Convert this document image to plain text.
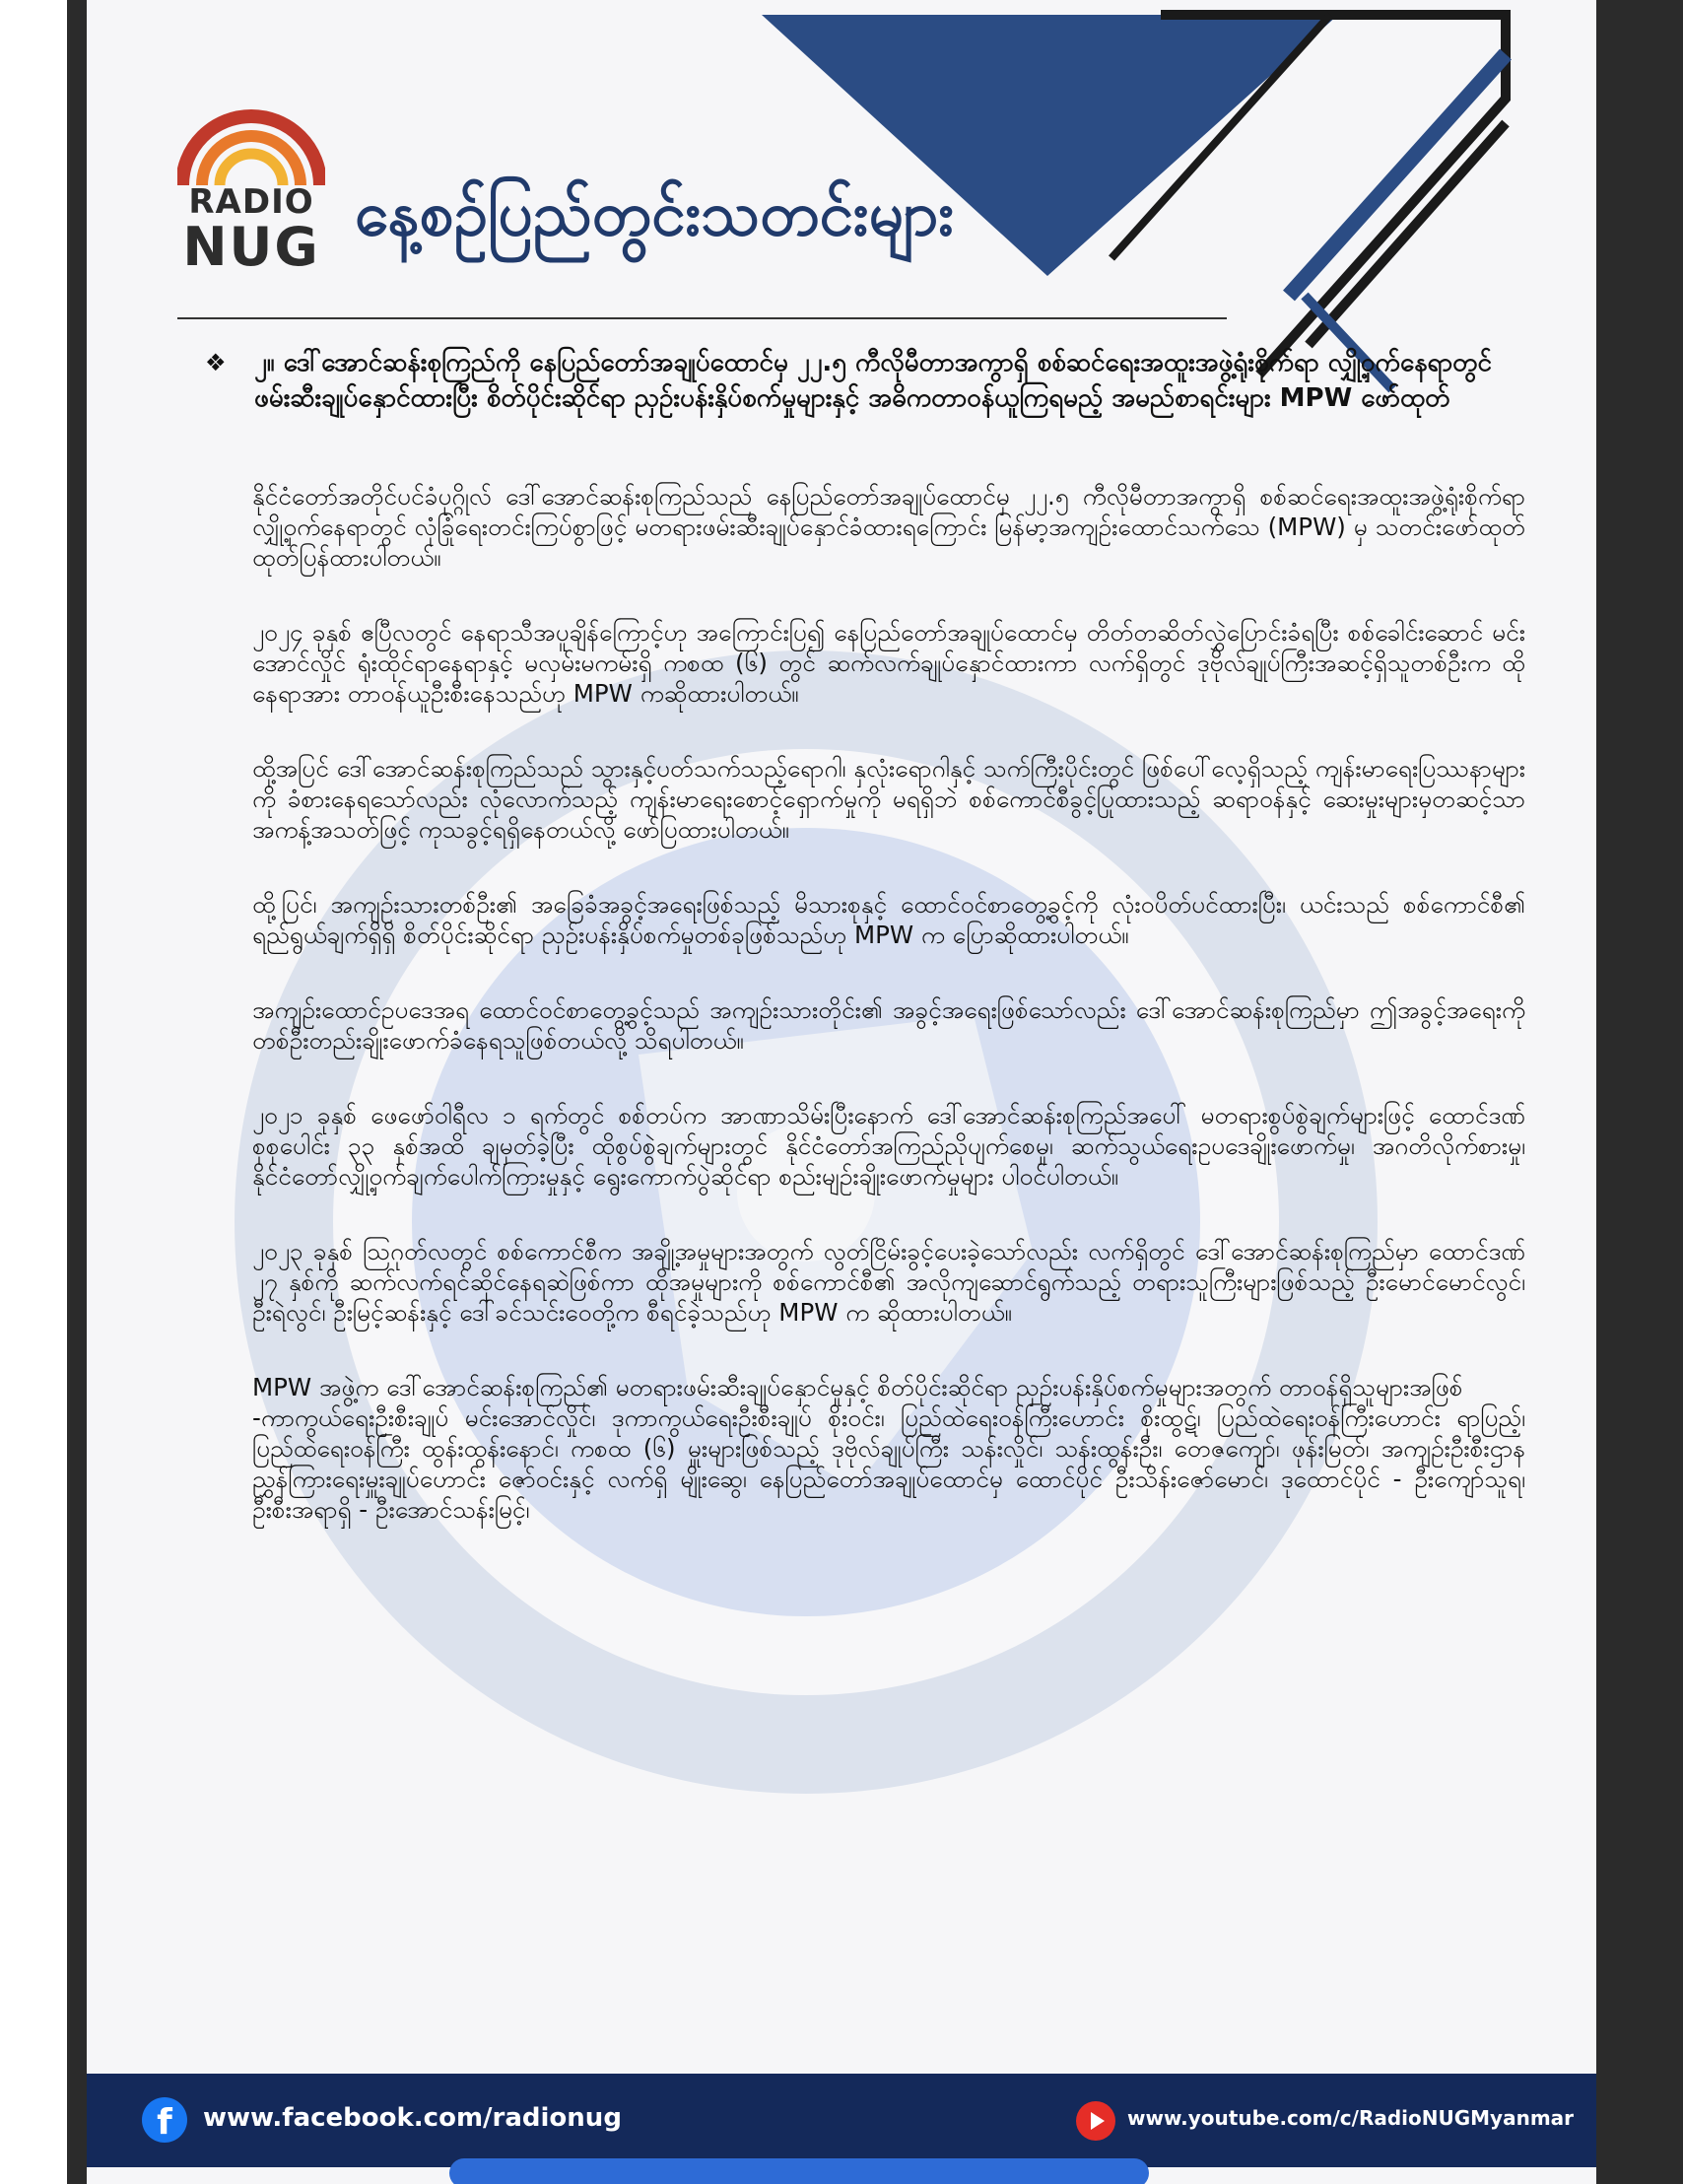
RADIO
NUG နေ့စဉ်ပြည်တွင်းသတင်းများ
❖ ၂။ ဒေါ်အောင်ဆန်းစုကြည်ကို နေပြည်တော်အချုပ်ထောင်မှ ၂၂.၅ ကီလိုမီတာအကွာရှိ စစ်ဆင်ရေးအထူးအဖွဲ့ရုံးစိုက်ရာ လျှို့ဝှက်နေရာတွင် ဖမ်းဆီးချုပ်နှောင်ထားပြီး စိတ်ပိုင်းဆိုင်ရာ ညှဉ်းပန်းနှိပ်စက်မှုများနှင့် အဓိကတာဝန်ယူကြရမည့် အမည်စာရင်းများ MPW ဖော်ထုတ်

နိုင်ငံတော်အတိုင်ပင်ခံပုဂ္ဂိုလ် ဒေါ်အောင်ဆန်းစုကြည်သည် နေပြည်တော်အချုပ်ထောင်မှ ၂၂.၅ ကီလိုမီတာအကွာရှိ စစ်ဆင်ရေးအထူးအဖွဲ့ရုံးစိုက်ရာ လျှို့ဝှက်နေရာတွင် လုံခြုံရေးတင်းကြပ်စွာဖြင့် မတရားဖမ်းဆီးချုပ်နှောင်ခံထားရကြောင်း မြန်မာ့အကျဉ်းထောင်သက်သေ (MPW) မှ သတင်းဖော်ထုတ် ထုတ်ပြန်ထားပါတယ်။

၂၀၂၄ ခုနှစ် ဧပြီလတွင် နေရာသီအပူချိန်ကြောင့်ဟု အကြောင်းပြ၍ နေပြည်တော်အချုပ်ထောင်မှ တိတ်တဆိတ်လွှဲပြောင်းခံရပြီး စစ်ခေါင်းဆောင် မင်းအောင်လှိုင် ရုံးထိုင်ရာနေရာနှင့် မလှမ်းမကမ်းရှိ ကစထ (၆) တွင် ဆက်လက်ချုပ်နှောင်ထားကာ လက်ရှိတွင် ဒုဗိုလ်ချုပ်ကြီးအဆင့်ရှိသူတစ်ဦးက ထိုနေရာအား တာဝန်ယူဦးစီးနေသည်ဟု MPW ကဆိုထားပါတယ်။

ထို့အပြင် ဒေါ်အောင်ဆန်းစုကြည်သည် သွားနှင့်ပတ်သက်သည့်ရောဂါ၊ နှလုံးရောဂါနှင့် သက်ကြီးပိုင်းတွင် ဖြစ်ပေါ်လေ့ရှိသည့် ကျန်းမာရေးပြဿနာများကို ခံစားနေရသော်လည်း လုံလောက်သည့် ကျန်းမာရေးစောင့်ရှောက်မှုကို မရရှိဘဲ စစ်ကောင်စီခွင့်ပြုထားသည့် ဆရာဝန်နှင့် ဆေးမှုးများမှတဆင့်သာ အကန့်အသတ်ဖြင့် ကုသခွင့်ရရှိနေတယ်လို့ ဖော်ပြထားပါတယ်။

ထို့ပြင်၊ အကျဉ်းသားတစ်ဦး၏ အခြေခံအခွင့်အရေးဖြစ်သည့် မိသားစုနှင့် ထောင်ဝင်စာတွေ့ခွင့်ကို လုံးဝပိတ်ပင်ထားပြီး၊ ယင်းသည် စစ်ကောင်စီ၏ ရည်ရွယ်ချက်ရှိရှိ စိတ်ပိုင်းဆိုင်ရာ ညှဉ်းပန်းနှိပ်စက်မှုတစ်ခုဖြစ်သည်ဟု MPW က ပြောဆိုထားပါတယ်။

အကျဉ်းထောင်ဥပဒေအရ ထောင်ဝင်စာတွေ့ခွင့်သည် အကျဉ်းသားတိုင်း၏ အခွင့်အရေးဖြစ်သော်လည်း ဒေါ်အောင်ဆန်းစုကြည်မှာ ဤအခွင့်အရေးကို တစ်ဦးတည်းချိုးဖောက်ခံနေရသူဖြစ်တယ်လို့ သိရပါတယ်။

၂၀၂၁ ခုနှစ် ဖေဖော်ဝါရီလ ၁ ရက်တွင် စစ်တပ်က အာဏာသိမ်းပြီးနောက် ဒေါ်အောင်ဆန်းစုကြည်အပေါ် မတရားစွပ်စွဲချက်များဖြင့် ထောင်ဒဏ်စုစုပေါင်း ၃၃ နှစ်အထိ ချမှတ်ခဲ့ပြီး ထိုစွပ်စွဲချက်များတွင် နိုင်ငံတော်အကြည်ညိုပျက်စေမှု၊ ဆက်သွယ်ရေးဥပဒေချိုးဖောက်မှု၊ အဂတိလိုက်စားမှု၊ နိုင်ငံတော်လျှို့ဝှက်ချက်ပေါက်ကြားမှုနှင့် ရွေးကောက်ပွဲဆိုင်ရာ စည်းမျဉ်းချိုးဖောက်မှုများ ပါဝင်ပါတယ်။

၂၀၂၃ ခုနှစ် ဩဂုတ်လတွင် စစ်ကောင်စီက အချို့အမှုများအတွက် လွတ်ငြိမ်းခွင့်ပေးခဲ့သော်လည်း လက်ရှိတွင် ဒေါ်အောင်ဆန်းစုကြည်မှာ ထောင်ဒဏ် ၂၇ နှစ်ကို ဆက်လက်ရင်ဆိုင်နေရဆဲဖြစ်ကာ ထိုအမှုများကို စစ်ကောင်စီ၏ အလိုကျဆောင်ရွက်သည့် တရားသူကြီးများဖြစ်သည့် ဦးမောင်မောင်လွင်၊ ဦးရဲလွင်၊ ဦးမြင့်ဆန်းနှင့် ဒေါ်ခင်သင်းဝေတို့က စီရင်ခဲ့သည်ဟု MPW က ဆိုထားပါတယ်။

MPW အဖွဲ့က ဒေါ်အောင်ဆန်းစုကြည်၏ မတရားဖမ်းဆီးချုပ်နှောင်မှုနှင့် စိတ်ပိုင်းဆိုင်ရာ ညှဉ်းပန်းနှိပ်စက်မှုများအတွက် တာဝန်ရှိသူများအဖြစ်

-ကာကွယ်ရေးဦးစီးချုပ် မင်းအောင်လှိုင်၊ ဒုကာကွယ်ရေးဦးစီးချုပ် စိုးဝင်း၊ ပြည်ထဲရေးဝန်ကြီးဟောင်း စိုးထွဋ်၊ ပြည်ထဲရေးဝန်ကြီးဟောင်း ရာပြည့်၊ ပြည်ထဲရေးဝန်ကြီး ထွန်းထွန်းနောင်၊ ကစထ (၆) မှူးများဖြစ်သည့် ဒုဗိုလ်ချုပ်ကြီး သန်းလှိုင်၊ သန်းထွန်းဦး၊ တေဇကျော်၊ ဖုန်းမြတ်၊ အကျဉ်းဦးစီးဌာန ညွှန်ကြားရေးမှူးချုပ်ဟောင်း ဇော်ဝင်းနှင့် လက်ရှိ မျိုးဆွေ၊ နေပြည်တော်အချုပ်ထောင်မှ ထောင်ပိုင် ဦးသိန်းဇော်မောင်၊ ဒုထောင်ပိုင် - ဦးကျော်သူရ၊ ဦးစီးအရာရှိ - ဦးအောင်သန်းမြင့်၊

f	www.facebook.com/radionug	www.youtube.com/c/RadioNUGMyanmar
